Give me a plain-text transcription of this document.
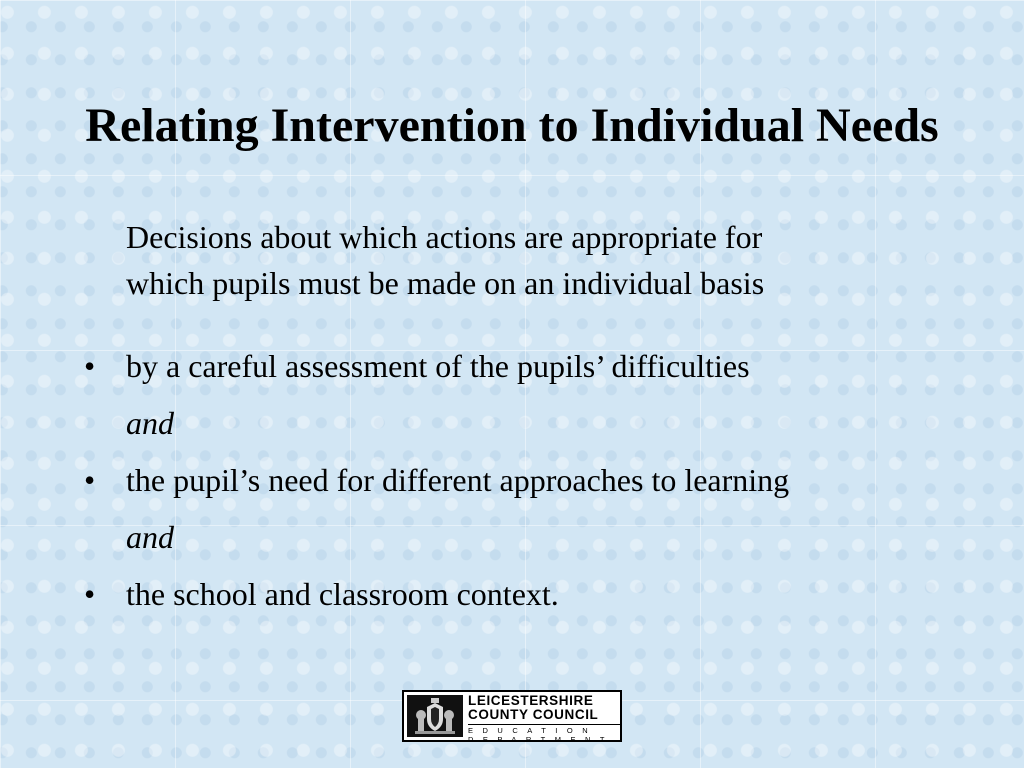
Relating Intervention to Individual Needs
Decisions about which actions are appropriate for
which pupils must be made on an individual basis
• by a careful assessment of the pupils’ difficulties
and
• the pupil’s need for different approaches to learning
and
• the school and classroom context.
LEICESTERSHIRE
COUNTY COUNCIL
EDUCATION
DEPARTMENT
